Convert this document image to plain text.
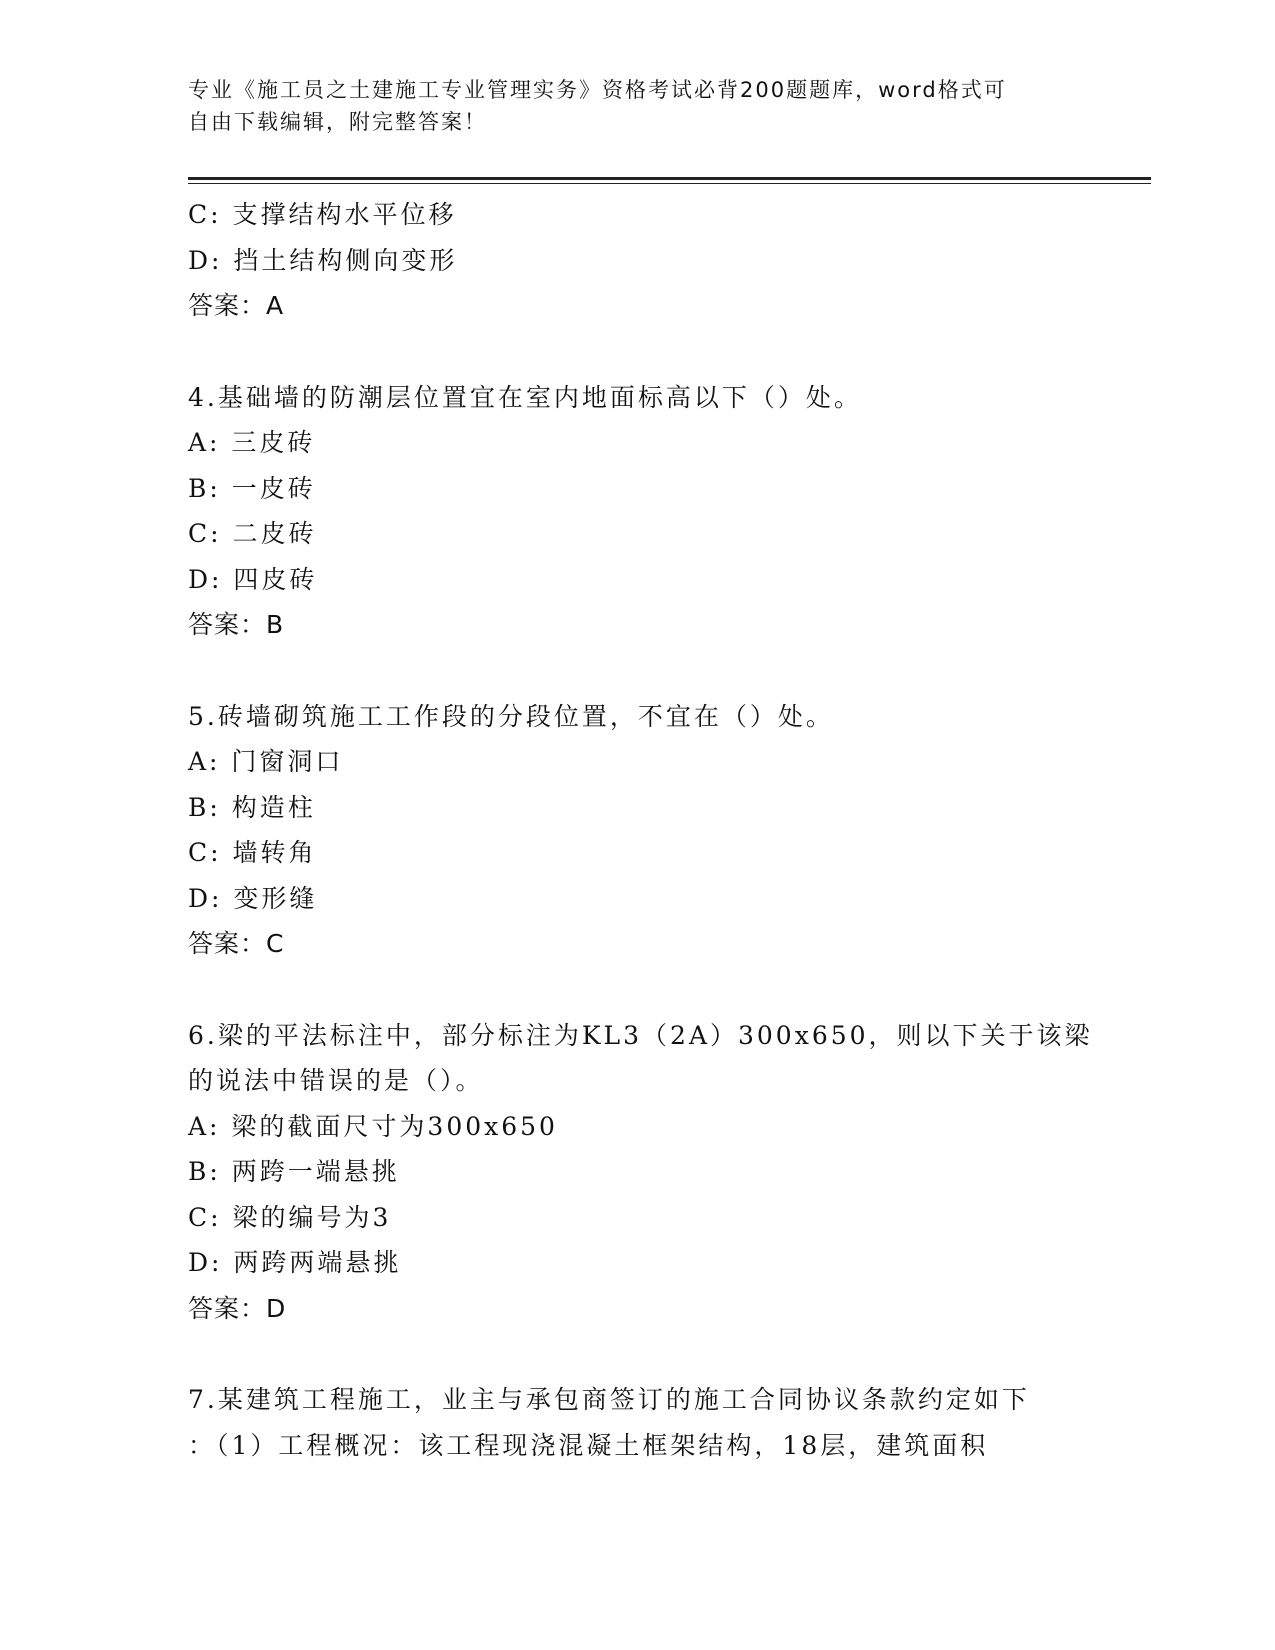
专业《施工员之土建施工专业管理实务》资格考试必背200题题库，word格式可
自由下载编辑，附完整答案！
C: 支撑结构水平位移
D: 挡土结构侧向变形
答案：A
4.基础墙的防潮层位置宜在室内地面标高以下（）处。
A: 三皮砖
B: 一皮砖
C: 二皮砖
D: 四皮砖
答案：B
5.砖墙砌筑施工工作段的分段位置，不宜在（）处。
A: 门窗洞口
B: 构造柱
C: 墙转角
D: 变形缝
答案：C
6.梁的平法标注中，部分标注为KL3（2A）300x650，则以下关于该梁
的说法中错误的是（）。
A: 梁的截面尺寸为300x650
B: 两跨一端悬挑
C: 梁的编号为3
D: 两跨两端悬挑
答案：D
7.某建筑工程施工，业主与承包商签订的施工合同协议条款约定如下
：（1）工程概况：该工程现浇混凝土框架结构，18层，建筑面积
